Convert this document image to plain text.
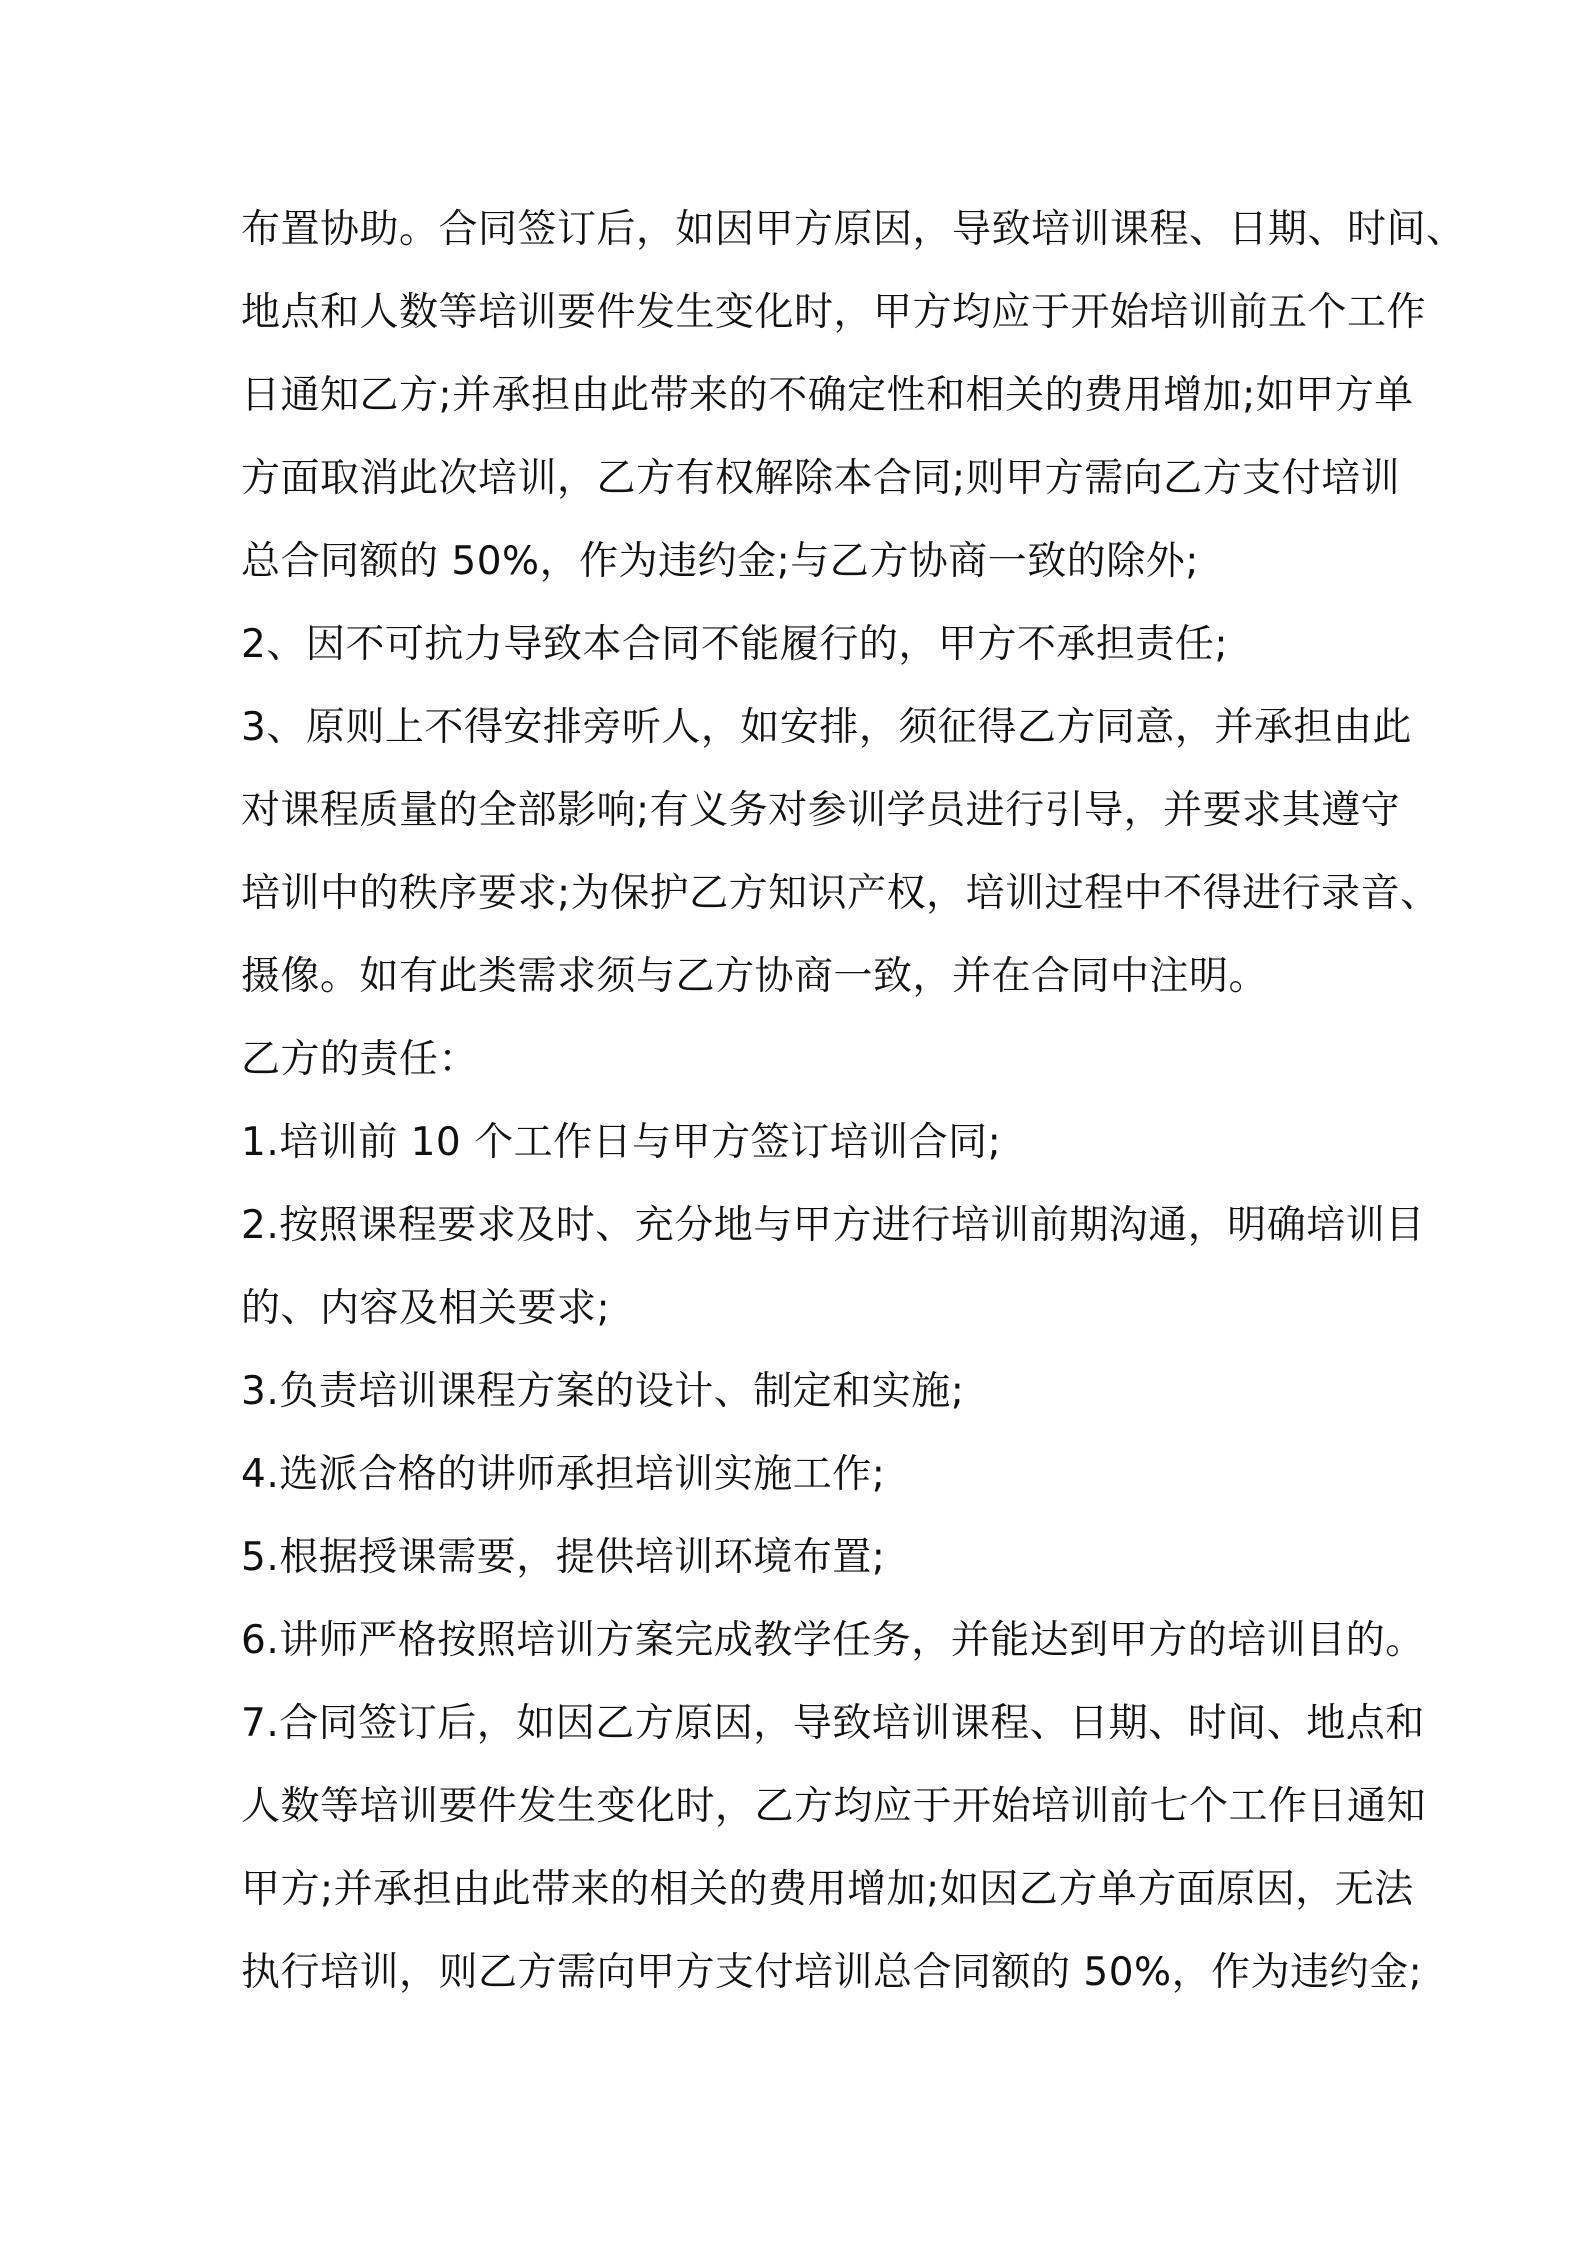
布置协助。合同签订后，如因甲方原因，导致培训课程、日期、时间、
地点和人数等培训要件发生变化时，甲方均应于开始培训前五个工作
日通知乙方;并承担由此带来的不确定性和相关的费用增加;如甲方单
方面取消此次培训，乙方有权解除本合同;则甲方需向乙方支付培训
总合同额的 50%，作为违约金;与乙方协商一致的除外;
2、因不可抗力导致本合同不能履行的，甲方不承担责任;
3、原则上不得安排旁听人，如安排，须征得乙方同意，并承担由此
对课程质量的全部影响;有义务对参训学员进行引导，并要求其遵守
培训中的秩序要求;为保护乙方知识产权，培训过程中不得进行录音、
摄像。如有此类需求须与乙方协商一致，并在合同中注明。
乙方的责任：
1.培训前 10 个工作日与甲方签订培训合同;
2.按照课程要求及时、充分地与甲方进行培训前期沟通，明确培训目
的、内容及相关要求;
3.负责培训课程方案的设计、制定和实施;
4.选派合格的讲师承担培训实施工作;
5.根据授课需要，提供培训环境布置;
6.讲师严格按照培训方案完成教学任务，并能达到甲方的培训目的。
7.合同签订后，如因乙方原因，导致培训课程、日期、时间、地点和
人数等培训要件发生变化时，乙方均应于开始培训前七个工作日通知
甲方;并承担由此带来的相关的费用增加;如因乙方单方面原因，无法
执行培训，则乙方需向甲方支付培训总合同额的 50%，作为违约金;
